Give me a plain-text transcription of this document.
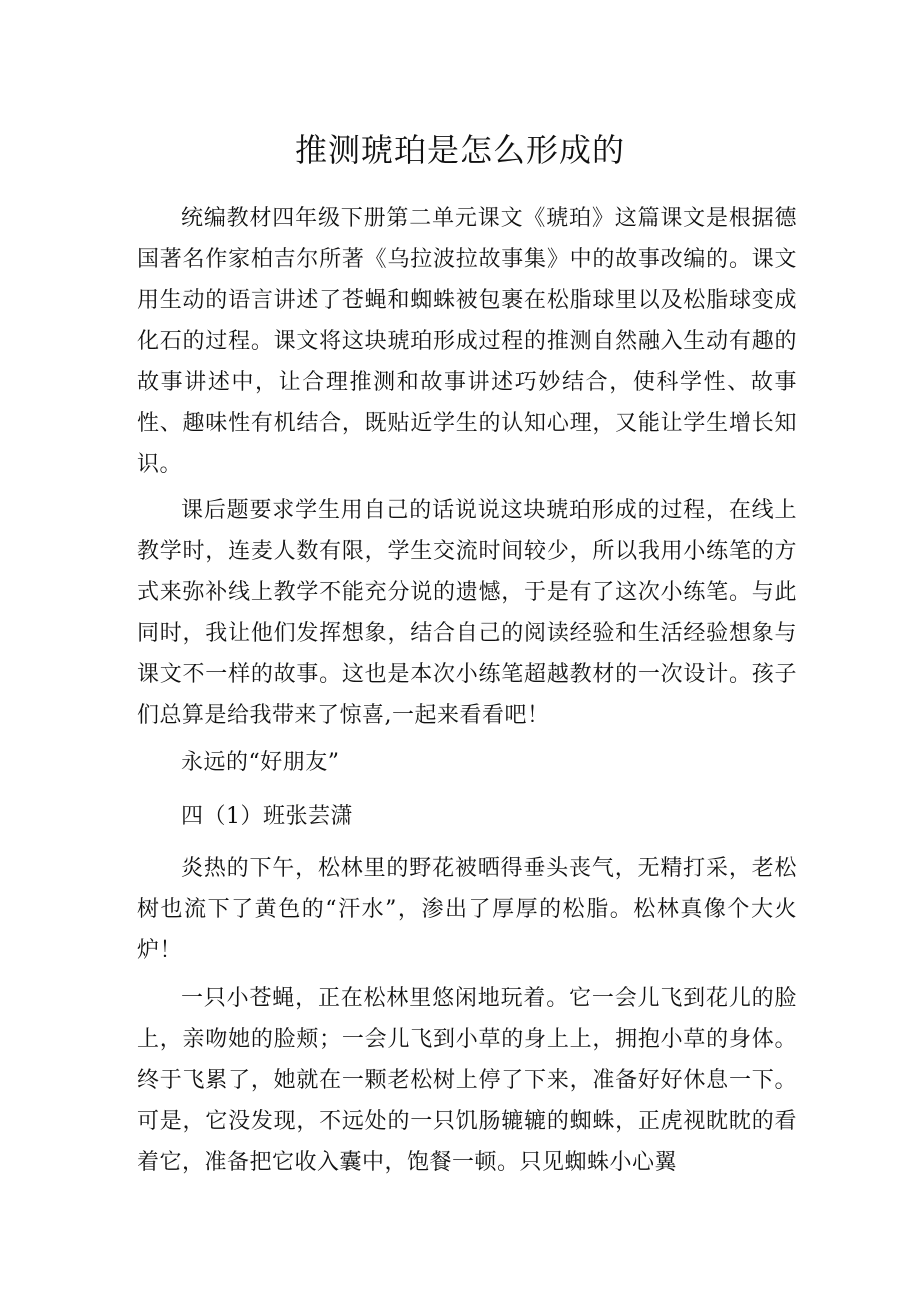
推测琥珀是怎么形成的

统编教材四年级下册第二单元课文《琥珀》这篇课文是根据德国著名作家柏吉尔所著《乌拉波拉故事集》中的故事改编的。课文用生动的语言讲述了苍蝇和蜘蛛被包裹在松脂球里以及松脂球变成化石的过程。课文将这块琥珀形成过程的推测自然融入生动有趣的故事讲述中，让合理推测和故事讲述巧妙结合，使科学性、故事性、趣味性有机结合，既贴近学生的认知心理，又能让学生增长知识。

课后题要求学生用自己的话说说这块琥珀形成的过程，在线上教学时，连麦人数有限，学生交流时间较少，所以我用小练笔的方式来弥补线上教学不能充分说的遗憾，于是有了这次小练笔。与此同时，我让他们发挥想象，结合自己的阅读经验和生活经验想象与课文不一样的故事。这也是本次小练笔超越教材的一次设计。孩子们总算是给我带来了惊喜,一起来看看吧！

永远的“好朋友”

四（1）班张芸潇

炎热的下午，松林里的野花被晒得垂头丧气，无精打采，老松树也流下了黄色的“汗水”，渗出了厚厚的松脂。松林真像个大火炉！

一只小苍蝇，正在松林里悠闲地玩着。它一会儿飞到花儿的脸上，亲吻她的脸颊；一会儿飞到小草的身上上，拥抱小草的身体。终于飞累了，她就在一颗老松树上停了下来，准备好好休息一下。可是，它没发现，不远处的一只饥肠辘辘的蜘蛛，正虎视眈眈的看着它，准备把它收入囊中，饱餐一顿。只见蜘蛛小心翼
